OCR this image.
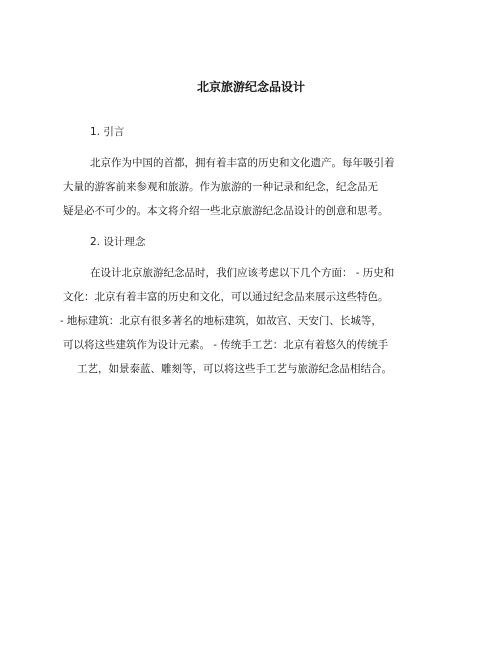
北京旅游纪念品设计
1. 引言
北京作为中国的首都，拥有着丰富的历史和文化遗产。每年吸引着
大量的游客前来参观和旅游。作为旅游的一种记录和纪念，纪念品无
疑是必不可少的。本文将介绍一些北京旅游纪念品设计的创意和思考。
2. 设计理念
在设计北京旅游纪念品时，我们应该考虑以下几个方面： - 历史和
文化：北京有着丰富的历史和文化，可以通过纪念品来展示这些特色。
- 地标建筑：北京有很多著名的地标建筑，如故宫、天安门、长城等，
可以将这些建筑作为设计元素。 - 传统手工艺：北京有着悠久的传统手
工艺，如景泰蓝、雕刻等，可以将这些手工艺与旅游纪念品相结合。
